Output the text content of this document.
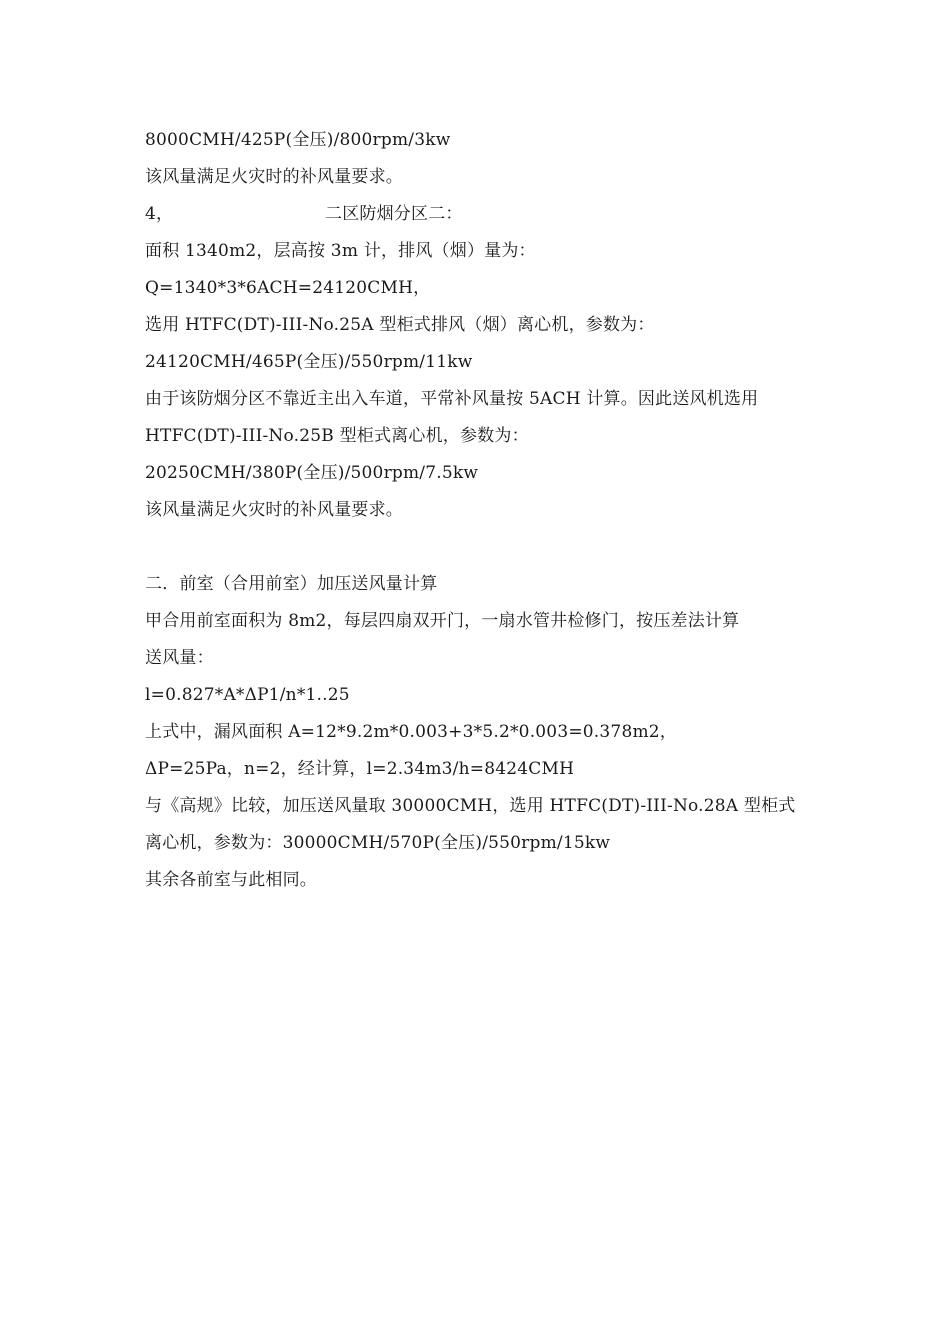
8000CMH/425P(全压)/800rpm/3kw
该风量满足火灾时的补风量要求。
4，	二区防烟分区二：
面积 1340m2，层高按 3m 计，排风（烟）量为：
Q=1340*3*6ACH=24120CMH，
选用 HTFC(DT)-III-No.25A 型柜式排风（烟）离心机，参数为：
24120CMH/465P(全压)/550rpm/11kw
由于该防烟分区不靠近主出入车道，平常补风量按 5ACH 计算。因此送风机选用
HTFC(DT)-III-No.25B 型柜式离心机，参数为：
20250CMH/380P(全压)/500rpm/7.5kw
该风量满足火灾时的补风量要求。
二．前室（合用前室）加压送风量计算
甲合用前室面积为 8m2，每层四扇双开门，一扇水管井检修门，按压差法计算
送风量：
l=0.827*A*ΔP1/n*1..25
上式中，漏风面积 A=12*9.2m*0.003+3*5.2*0.003=0.378m2，
ΔP=25Pa，n=2，经计算，l=2.34m3/h=8424CMH
与《高规》比较，加压送风量取 30000CMH，选用 HTFC(DT)-III-No.28A 型柜式
离心机，参数为：30000CMH/570P(全压)/550rpm/15kw
其余各前室与此相同。
